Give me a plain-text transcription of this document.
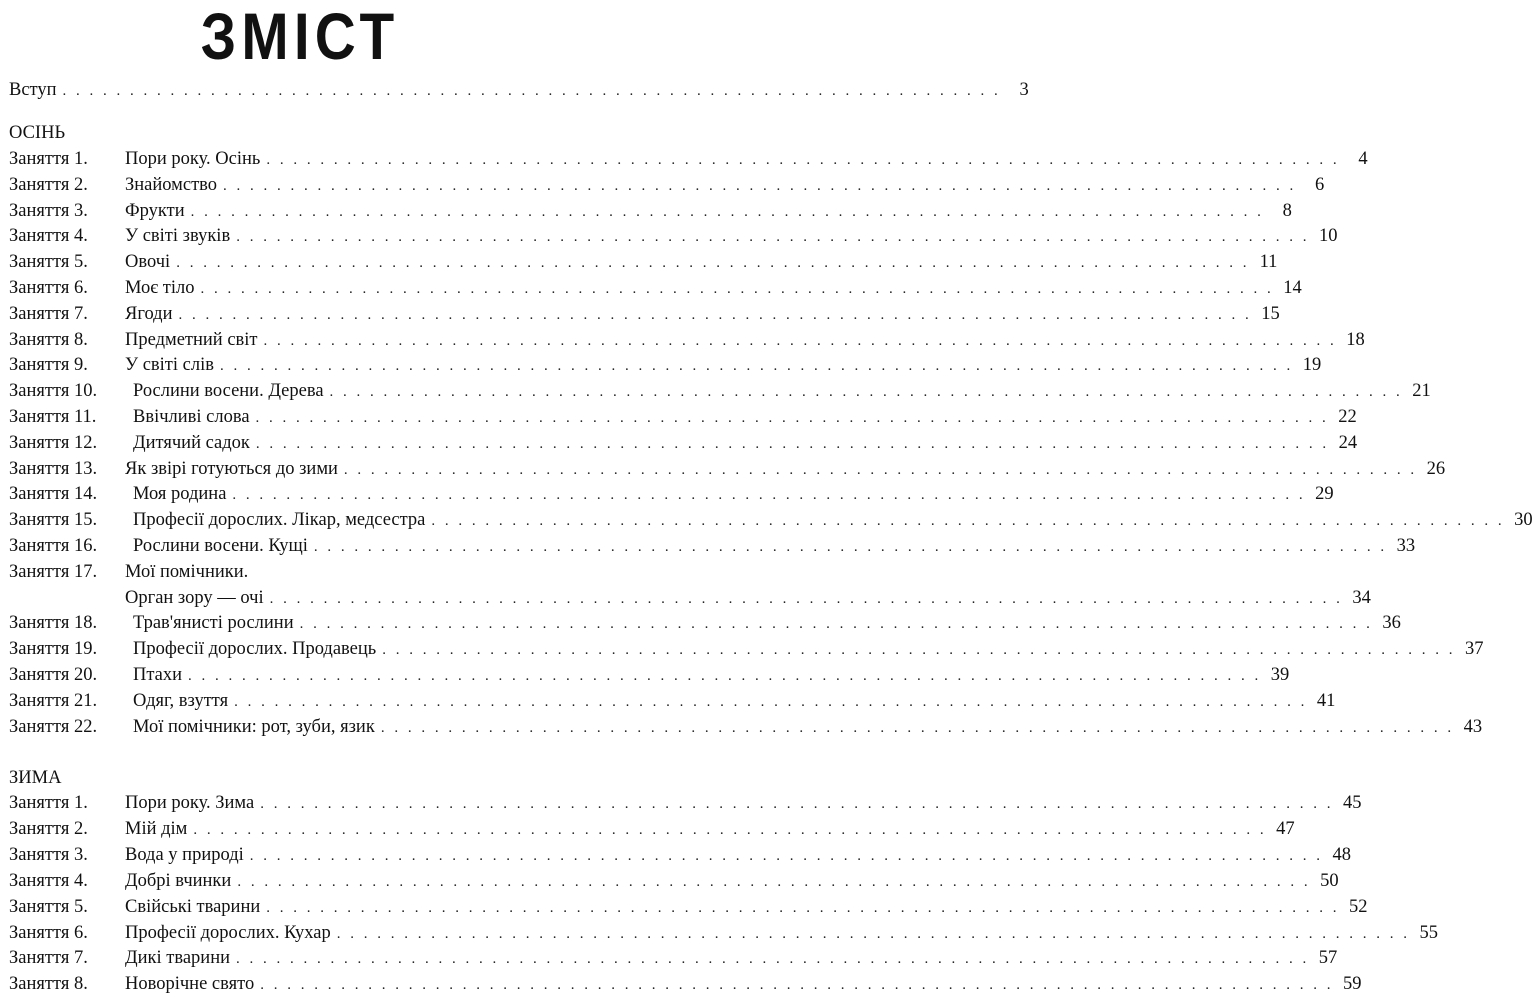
ЗМІСТ
Вступ . . . . . . . . . . . . . . . . . . . . . . . . . . . . . . . . . . . . . . . . . . . . . . . . . . . . . . . . . . . . . . . . . . . . . .	3
ОСІНЬ
Заняття 1. Пори року. Осінь . . . . . . . . . . . . . . . . . . . . . . . . . . . . . . . . . . . . . . . . . . . . . . . . . . . . . . . . . . . . . . . . . . . . . . . . . . . . . . . .	4
Заняття 2. Знайомство . . . . . . . . . . . . . . . . . . . . . . . . . . . . . . . . . . . . . . . . . . . . . . . . . . . . . . . . . . . . . . . . . . . . . . . . . . . . . . . .	6
Заняття 3. Фрукти . . . . . . . . . . . . . . . . . . . . . . . . . . . . . . . . . . . . . . . . . . . . . . . . . . . . . . . . . . . . . . . . . . . . . . . . . . . . . . . .	8
Заняття 4. У світі звуків . . . . . . . . . . . . . . . . . . . . . . . . . . . . . . . . . . . . . . . . . . . . . . . . . . . . . . . . . . . . . . . . . . . . . . . . . . . . . . . . 10
Заняття 5. Овочі . . . . . . . . . . . . . . . . . . . . . . . . . . . . . . . . . . . . . . . . . . . . . . . . . . . . . . . . . . . . . . . . . . . . . . . . . . . . . . . . 11
Заняття 6. Моє тіло . . . . . . . . . . . . . . . . . . . . . . . . . . . . . . . . . . . . . . . . . . . . . . . . . . . . . . . . . . . . . . . . . . . . . . . . . . . . . . . . 14
Заняття 7. Ягоди . . . . . . . . . . . . . . . . . . . . . . . . . . . . . . . . . . . . . . . . . . . . . . . . . . . . . . . . . . . . . . . . . . . . . . . . . . . . . . . . 15
Заняття 8. Предметний світ . . . . . . . . . . . . . . . . . . . . . . . . . . . . . . . . . . . . . . . . . . . . . . . . . . . . . . . . . . . . . . . . . . . . . . . . . . . . . . . . 18
Заняття 9. У світі слів . . . . . . . . . . . . . . . . . . . . . . . . . . . . . . . . . . . . . . . . . . . . . . . . . . . . . . . . . . . . . . . . . . . . . . . . . . . . . . . . 19
Заняття 10. Рослини восени. Дерева . . . . . . . . . . . . . . . . . . . . . . . . . . . . . . . . . . . . . . . . . . . . . . . . . . . . . . . . . . . . . . . . . . . . . . . . . . . . . . . . 21
Заняття 11. Ввічливі слова . . . . . . . . . . . . . . . . . . . . . . . . . . . . . . . . . . . . . . . . . . . . . . . . . . . . . . . . . . . . . . . . . . . . . . . . . . . . . . . . 22
Заняття 12. Дитячий садок . . . . . . . . . . . . . . . . . . . . . . . . . . . . . . . . . . . . . . . . . . . . . . . . . . . . . . . . . . . . . . . . . . . . . . . . . . . . . . . . 24
Заняття 13. Як звірі готуються до зими . . . . . . . . . . . . . . . . . . . . . . . . . . . . . . . . . . . . . . . . . . . . . . . . . . . . . . . . . . . . . . . . . . . . . . . . . . . . . . . . 26
Заняття 14. Моя родина . . . . . . . . . . . . . . . . . . . . . . . . . . . . . . . . . . . . . . . . . . . . . . . . . . . . . . . . . . . . . . . . . . . . . . . . . . . . . . . . 29
Заняття 15. Професії дорослих. Лікар, медсестра . . . . . . . . . . . . . . . . . . . . . . . . . . . . . . . . . . . . . . . . . . . . . . . . . . . . . . . . . . . . . . . . . . . . . . . . . . . . . . . . 30
Заняття 16. Рослини восени. Кущі . . . . . . . . . . . . . . . . . . . . . . . . . . . . . . . . . . . . . . . . . . . . . . . . . . . . . . . . . . . . . . . . . . . . . . . . . . . . . . . . 33
Заняття 17. Мої помічники.
Орган зору — очі . . . . . . . . . . . . . . . . . . . . . . . . . . . . . . . . . . . . . . . . . . . . . . . . . . . . . . . . . . . . . . . . . . . . . . . . . . . . . . . . 34
Заняття 18. Трав'янисті рослини . . . . . . . . . . . . . . . . . . . . . . . . . . . . . . . . . . . . . . . . . . . . . . . . . . . . . . . . . . . . . . . . . . . . . . . . . . . . . . . . 36
Заняття 19. Професії дорослих. Продавець . . . . . . . . . . . . . . . . . . . . . . . . . . . . . . . . . . . . . . . . . . . . . . . . . . . . . . . . . . . . . . . . . . . . . . . . . . . . . . . . 37
Заняття 20. Птахи . . . . . . . . . . . . . . . . . . . . . . . . . . . . . . . . . . . . . . . . . . . . . . . . . . . . . . . . . . . . . . . . . . . . . . . . . . . . . . . . 39
Заняття 21. Одяг, взуття . . . . . . . . . . . . . . . . . . . . . . . . . . . . . . . . . . . . . . . . . . . . . . . . . . . . . . . . . . . . . . . . . . . . . . . . . . . . . . . . 41
Заняття 22. Мої помічники: рот, зуби, язик . . . . . . . . . . . . . . . . . . . . . . . . . . . . . . . . . . . . . . . . . . . . . . . . . . . . . . . . . . . . . . . . . . . . . . . . . . . . . . . . 43
ЗИМА
Заняття 1. Пори року. Зима . . . . . . . . . . . . . . . . . . . . . . . . . . . . . . . . . . . . . . . . . . . . . . . . . . . . . . . . . . . . . . . . . . . . . . . . . . . . . . . . 45
Заняття 2. Мій дім . . . . . . . . . . . . . . . . . . . . . . . . . . . . . . . . . . . . . . . . . . . . . . . . . . . . . . . . . . . . . . . . . . . . . . . . . . . . . . . . 47
Заняття 3. Вода у природі . . . . . . . . . . . . . . . . . . . . . . . . . . . . . . . . . . . . . . . . . . . . . . . . . . . . . . . . . . . . . . . . . . . . . . . . . . . . . . . . 48
Заняття 4. Добрі вчинки . . . . . . . . . . . . . . . . . . . . . . . . . . . . . . . . . . . . . . . . . . . . . . . . . . . . . . . . . . . . . . . . . . . . . . . . . . . . . . . . 50
Заняття 5. Свійські тварини . . . . . . . . . . . . . . . . . . . . . . . . . . . . . . . . . . . . . . . . . . . . . . . . . . . . . . . . . . . . . . . . . . . . . . . . . . . . . . . . 52
Заняття 6. Професії дорослих. Кухар . . . . . . . . . . . . . . . . . . . . . . . . . . . . . . . . . . . . . . . . . . . . . . . . . . . . . . . . . . . . . . . . . . . . . . . . . . . . . . . . 55
Заняття 7. Дикі тварини . . . . . . . . . . . . . . . . . . . . . . . . . . . . . . . . . . . . . . . . . . . . . . . . . . . . . . . . . . . . . . . . . . . . . . . . . . . . . . . . 57
Заняття 8. Новорічне свято . . . . . . . . . . . . . . . . . . . . . . . . . . . . . . . . . . . . . . . . . . . . . . . . . . . . . . . . . . . . . . . . . . . . . . . . . . . . . . . . 59
